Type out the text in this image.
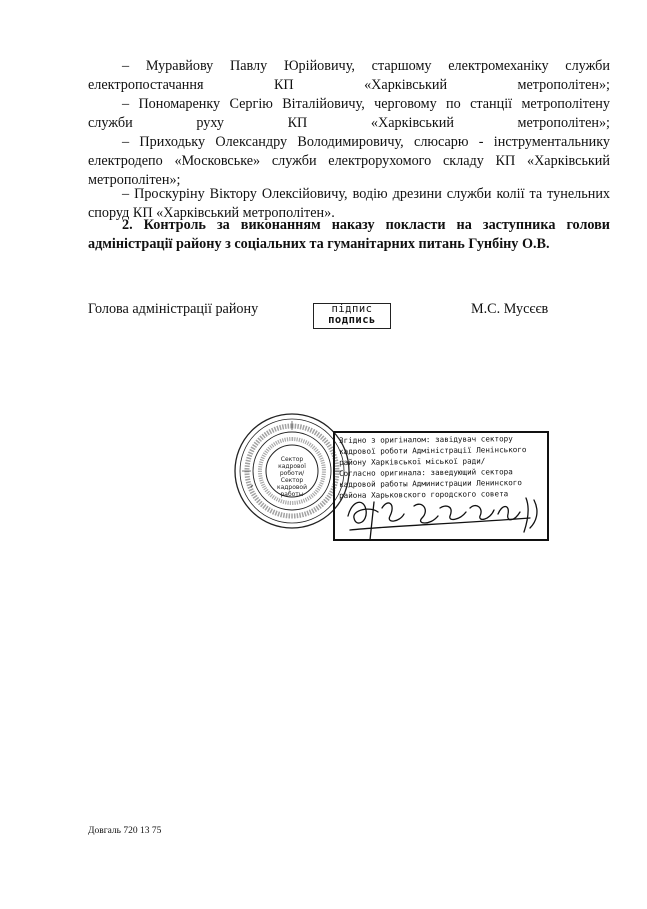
– Муравйову Павлу Юрійовичу, старшому електромеханіку служби електропостачання КП «Харківський метрополітен»;
– Пономаренку Сергію Віталійовичу, черговому по станції метрополітену служби руху КП «Харківський метрополітен»;
– Приходьку Олександру Володимировичу, слюсарю - інструментальнику електродепо «Московське» служби електрорухомого складу КП «Харківський метрополітен»;
– Проскуріну Віктору Олексійовичу, водію дрезини служби колії та тунельних споруд КП «Харківський метрополітен».
2. Контроль за виконанням наказу покласти на заступника голови адміністрації району з соціальних та гуманітарних питань Гунбіну О.В.
Голова адміністрації району	підпис
подпись
М.С. Мусєєв
Сектор
кадрової
роботи/
Сектор
кадровой
работы
Згідно з оригіналом: завідувач сектору
кадрової роботи Адміністрації Ленінського
району Харківської міської ради/
Согласно оригинала: заведующий сектора
кадровой работы Администрации Ленинского
района Харьковского городского совета
Довгаль 720 13 75
